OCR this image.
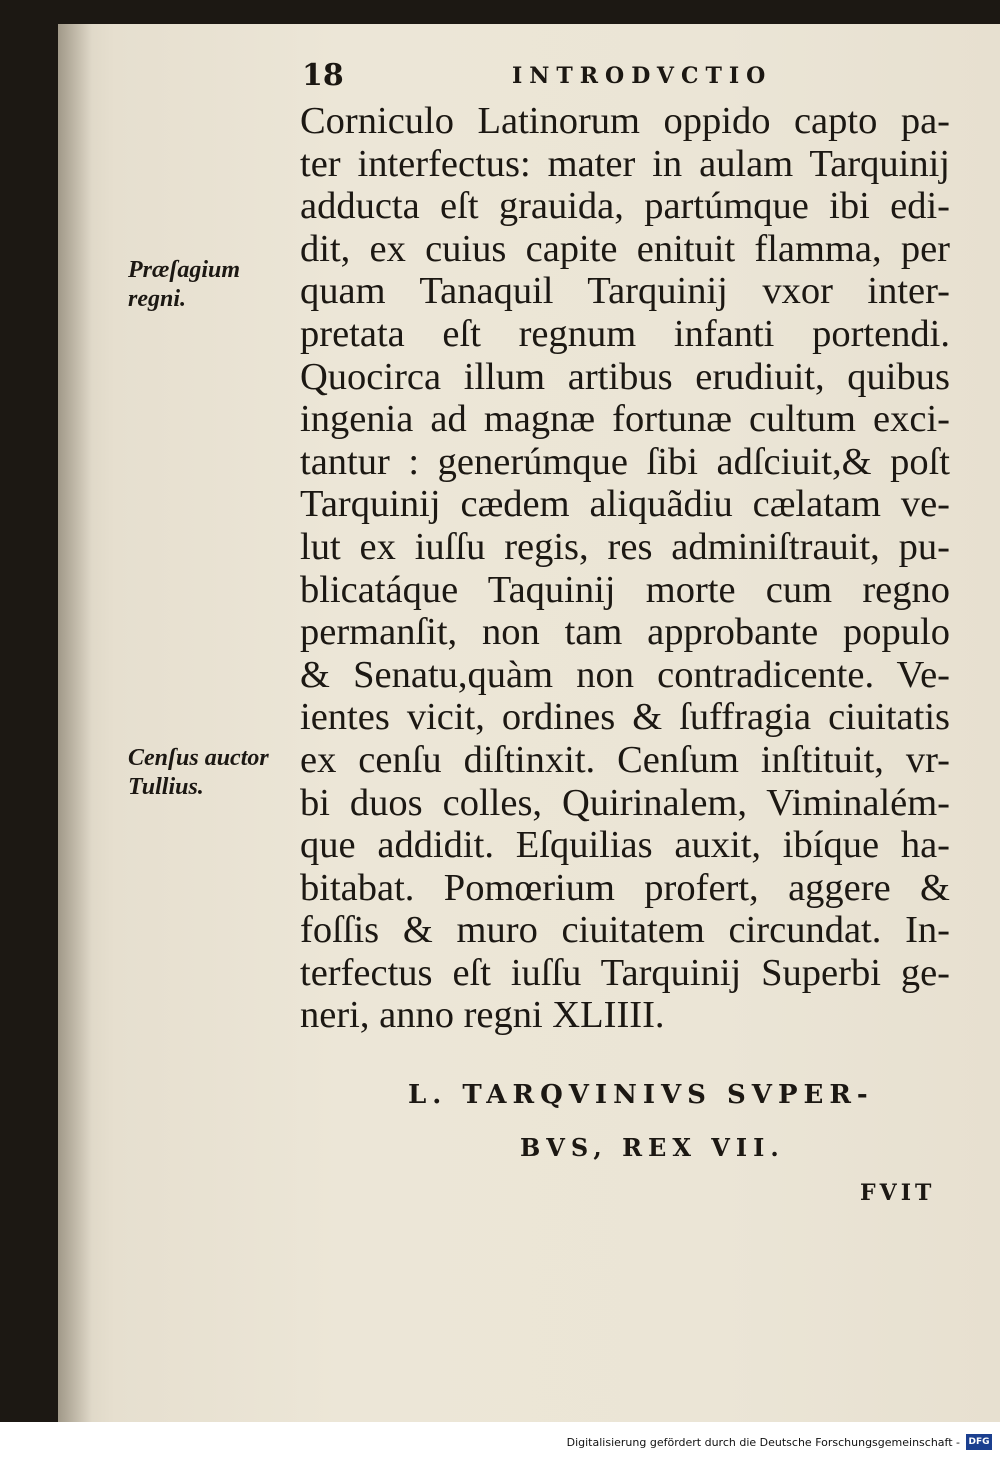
18	INTRODVCTIO
Præſagium
regni.
Cenſus auctor
Tullius.
Corniculo Latinorum oppido capto pa-
ter interfectus: mater in aulam Tarquinij
adducta eſt grauida, partúmque ibi edi-
dit, ex cuius capite enituit flamma, per
quam Tanaquil Tarquinij vxor inter-
pretata eſt regnum infanti portendi.
Quocirca illum artibus erudiuit, quibus
ingenia ad magnæ fortunæ cultum exci-
tantur : generúmque ſibi adſciuit,& poſt
Tarquinij cædem aliquãdiu cælatam ve-
lut ex iuſſu regis, res adminiſtrauit, pu-
blicatáque Taquinij morte cum regno
permanſit, non tam approbante populo
& Senatu,quàm non contradicente. Ve-
ientes vicit, ordines & ſuffragia ciuitatis
ex cenſu diſtinxit. Cenſum inſtituit, vr-
bi duos colles, Quirinalem, Viminalém-
que addidit. Eſquilias auxit, ibíque ha-
bitabat. Pomœrium profert, aggere &
foſſis & muro ciuitatem circundat. In-
terfectus eſt iuſſu Tarquinij Superbi ge-
neri, anno regni XLIIII.
L. TARQVINIVS SVPER-
BVS, REX VII.
FVIT
Digitalisierung gefördert durch die Deutsche Forschungsgemeinschaft - DFG
